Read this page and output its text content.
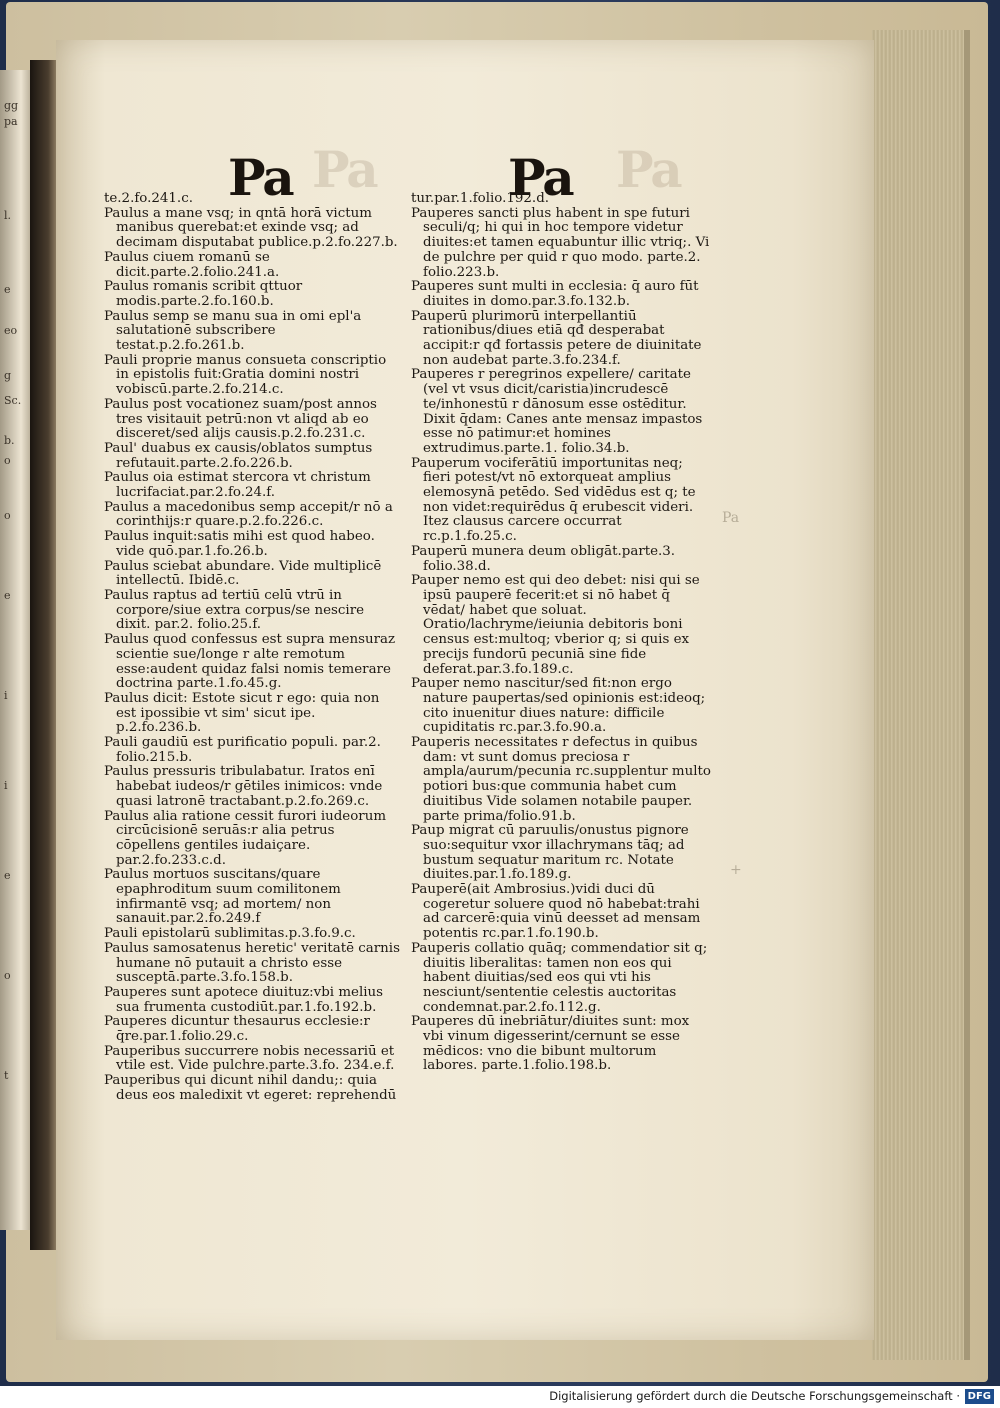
gg
pa
l.
e
eo
g
Sc.
b.
o
o
e
i
i
e
o
t
Pa	Pa
Pa	Pa

te.2.fo.241.c.

Paulus a mane vsq; in qntā horā victum manibus querebat:et exinde vsq; ad decimam disputabat publice.p.2.fo.227.b.

Paulus ciuem romanū se dicit.parte.2.folio.241.a.

Paulus romanis scribit qttuor modis.parte.2.fo.160.b.

Paulus semp se manu sua in omi epl'a salutationē subscribere testat.p.2.fo.261.b.

Pauli proprie manus consueta conscriptio in epistolis fuit:Gratia domini nostri vobiscū.parte.2.fo.214.c.

Paulus post vocationez suam/post annos tres visitauit petrū:non vt aliqd ab eo disceret/sed alijs causis.p.2.fo.231.c.

Paul' duabus ex causis/oblatos sumptus refutauit.parte.2.fo.226.b.

Paulus oia estimat stercora vt christum lucrifaciat.par.2.fo.24.f.

Paulus a macedonibus semp accepit/r nō a corinthijs:r quare.p.2.fo.226.c.

Paulus inquit:satis mihi est quod habeo. vide quō.par.1.fo.26.b.

Paulus sciebat abundare. Vide multiplicē intellectū. Ibidē.c.

Paulus raptus ad tertiū celū vtrū in corpore/siue extra corpus/se nescire dixit. par.2. folio.25.f.

Paulus quod confessus est supra mensuraz scientie sue/longe r alte remotum esse:audent quidaz falsi nomis temerare doctrina parte.1.fo.45.g.

Paulus dicit: Estote sicut r ego: quia non est ipossibie vt sim' sicut ipe. p.2.fo.236.b.

Pauli gaudiū est purificatio populi. par.2. folio.215.b.

Paulus pressuris tribulabatur. Iratos enī habebat iudeos/r gētiles inimicos: vnde quasi latronē tractabant.p.2.fo.269.c.

Paulus alia ratione cessit furori iudeorum circūcisionē seruās:r alia petrus cōpellens gentiles iudaiçare. par.2.fo.233.c.d.

Paulus mortuos suscitans/quare epaphroditum suum comilitonem infirmantē vsq; ad mortem/ non sanauit.par.2.fo.249.f

Pauli epistolarū sublimitas.p.3.fo.9.c.

Paulus samosatenus heretic' veritatē carnis humane nō putauit a christo esse susceptā.parte.3.fo.158.b.

Pauperes sunt apotece diuituz:vbi melius sua frumenta custodiūt.par.1.fo.192.b.

Pauperes dicuntur thesaurus ecclesie:r q̄re.par.1.folio.29.c.

Pauperibus succurrere nobis necessariū et vtile est. Vide pulchre.parte.3.fo. 234.e.f.

Pauperibus qui dicunt nihil dandu;: quia deus eos maledixit vt egeret: reprehendū

tur.par.1.folio.192.d.

Pauperes sancti plus habent in spe futuri seculi/q; hi qui in hoc tempore videtur diuites:et tamen equabuntur illic vtriq;. Vi de pulchre per quid r quo modo. parte.2. folio.223.b.

Pauperes sunt multi in ecclesia: q̄ auro fūt diuites in domo.par.3.fo.132.b.

Pauperū plurimorū interpellantiū rationibus/diues etiā qđ desperabat accipit:r qđ fortassis petere de diuinitate non audebat parte.3.fo.234.f.

Pauperes r peregrinos expellere/ caritate (vel vt vsus dicit/caristia)incrudescē te/inhonestū r dānosum esse ostēditur. Dixit q̄dam: Canes ante mensaz impastos esse nō patimur:et homines extrudimus.parte.1. folio.34.b.

Pauperum vociferātiū importunitas neq; fieri potest/vt nō extorqueat amplius elemosynā petēdo. Sed vidēdus est q; te non videt:requirēdus q̄ erubescit videri. Itez clausus carcere occurrat rc.p.1.fo.25.c.

Pauperū munera deum obligāt.parte.3. folio.38.d.

Pauper nemo est qui deo debet: nisi qui se ipsū pauperē fecerit:et si nō habet q̄ vēdat/ habet que soluat. Oratio/lachryme/ieiunia debitoris boni census est:multoq; vberior q; si quis ex precijs fundorū pecuniā sine fide deferat.par.3.fo.189.c.

Pauper nemo nascitur/sed fit:non ergo nature paupertas/sed opinionis est:ideoq; cito inuenitur diues nature: difficile cupiditatis rc.par.3.fo.90.a.

Pauperis necessitates r defectus in quibus dam: vt sunt domus preciosa r ampla/aurum/pecunia rc.supplentur multo potiori bus:que communia habet cum diuitibus Vide solamen notabile pauper. parte prima/folio.91.b.

Paup migrat cū paruulis/onustus pignore suo:sequitur vxor illachrymans tāq; ad bustum sequatur maritum rc. Notate diuites.par.1.fo.189.g.

Pauperē(ait Ambrosius.)vidi duci dū cogeretur soluere quod nō habebat:trahi ad carcerē:quia vinū deesset ad mensam potentis rc.par.1.fo.190.b.

Pauperis collatio quāq; commendatior sit q; diuitis liberalitas: tamen non eos qui habent diuitias/sed eos qui vti his nesciunt/sententie celestis auctoritas condemnat.par.2.fo.112.g.

Pauperes dū inebriātur/diuites sunt: mox vbi vinum digesserint/cernunt se esse mēdicos: vno die bibunt multorum labores. parte.1.folio.198.b.

Pa
+
Digitalisierung gefördert durch die Deutsche Forschungsgemeinschaft · DFG
